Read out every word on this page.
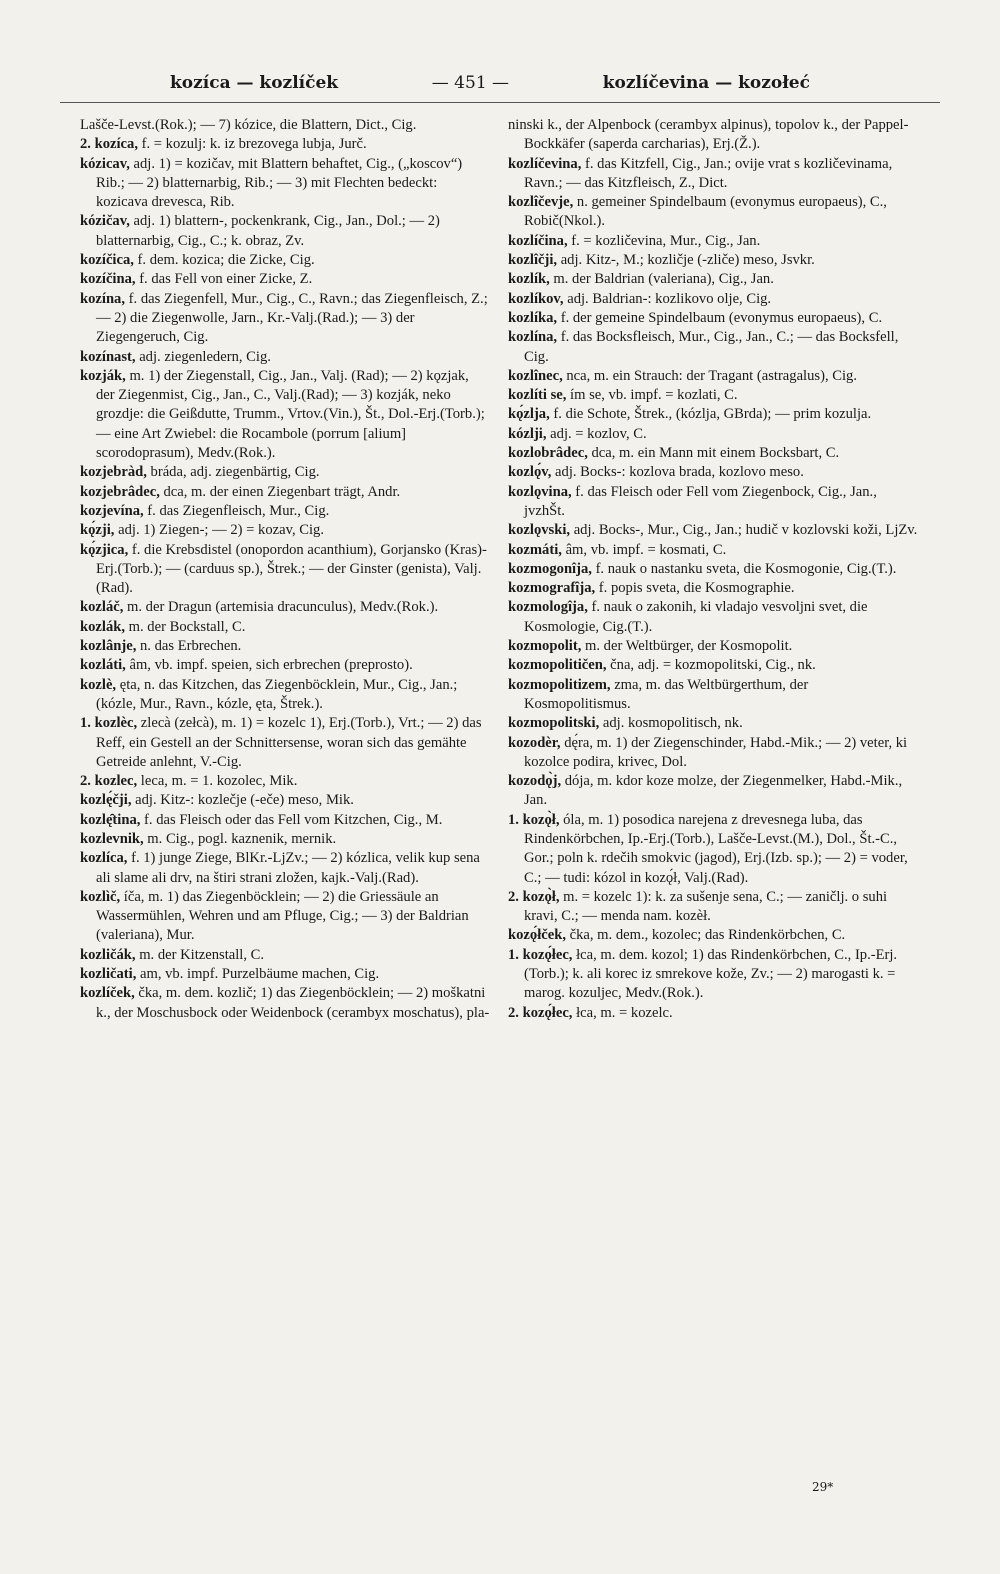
kozíca — kozlíček	— 451 —	kozlíčevina — kozołeć

Lašče-Levst.(Rok.); — 7) kózice, die Blattern, Dict., Cig.

2. kozíca, f. = kozulj: k. iz brezovega lubja, Jurč.

kózicav, adj. 1) = kozičav, mit Blattern behaftet, Cig., („koscov“) Rib.; — 2) blatternarbig, Rib.; — 3) mit Flechten bedeckt: kozicava drevesca, Rib.

kózičav, adj. 1) blattern-, pockenkrank, Cig., Jan., Dol.; — 2) blatternarbig, Cig., C.; k. obraz, Zv.

kozíčica, f. dem. kozica; die Zicke, Cig.

kozíčina, f. das Fell von einer Zicke, Z.

kozína, f. das Ziegenfell, Mur., Cig., C., Ravn.; das Ziegenfleisch, Z.; — 2) die Ziegenwolle, Jarn., Kr.-Valj.(Rad.); — 3) der Ziegengeruch, Cig.

kozínast, adj. ziegenledern, Cig.

kozják, m. 1) der Ziegenstall, Cig., Jan., Valj. (Rad); — 2) kǫzjak, der Ziegenmist, Cig., Jan., C., Valj.(Rad); — 3) kozják, neko grozdje: die Geißdutte, Trumm., Vrtov.(Vin.), Št., Dol.-Erj.(Torb.); — eine Art Zwiebel: die Rocambole (porrum [alium] scorodoprasum), Medv.(Rok.).

kozjebràd, bráda, adj. ziegenbärtig, Cig.

kozjebrâdec, dca, m. der einen Ziegenbart trägt, Andr.

kozjevína, f. das Ziegenfleisch, Mur., Cig.

kǫ́zji, adj. 1) Ziegen-; — 2) = kozav, Cig.

kǫ́zjica, f. die Krebsdistel (onopordon acanthium), Gorjansko (Kras)-Erj.(Torb.); — (carduus sp.), Štrek.; — der Ginster (genista), Valj.(Rad).

kozláč, m. der Dragun (artemisia dracunculus), Medv.(Rok.).

kozlák, m. der Bockstall, C.

kozlânje, n. das Erbrechen.

kozláti, âm, vb. impf. speien, sich erbrechen (preprosto).

kozlè, ęta, n. das Kitzchen, das Ziegenböcklein, Mur., Cig., Jan.; (kózle, Mur., Ravn., kózle, ęta, Štrek.).

1. kozlèc, zlecà (zełcà), m. 1) = kozelc 1), Erj.(Torb.), Vrt.; — 2) das Reff, ein Gestell an der Schnittersense, woran sich das gemähte Getreide anlehnt, V.-Cig.

2. kozlec, leca, m. = 1. kozolec, Mik.

kozlę́čji, adj. Kitz-: kozlečje (-eče) meso, Mik.

kozlę̑tina, f. das Fleisch oder das Fell vom Kitzchen, Cig., M.

kozlevnik, m. Cig., pogl. kaznenik, mernik.

kozlíca, f. 1) junge Ziege, BlKr.-LjZv.; — 2) kózlica, velik kup sena ali slame ali drv, na štiri strani zložen, kajk.-Valj.(Rad).

kozlìč, íča, m. 1) das Ziegenböcklein; — 2) die Griessäule an Wassermühlen, Wehren und am Pfluge, Cig.; — 3) der Baldrian (valeriana), Mur.

kozličák, m. der Kitzenstall, C.

kozličati, am, vb. impf. Purzelbäume machen, Cig.

kozlíček, čka, m. dem. kozlič; 1) das Ziegenböcklein; — 2) moškatni k., der Moschusbock oder Weidenbock (cerambyx moschatus), pla-

ninski k., der Alpenbock (cerambyx alpinus), topolov k., der Pappel-Bockkäfer (saperda carcharias), Erj.(Ž.).

kozlíčevina, f. das Kitzfell, Cig., Jan.; ovije vrat s kozličevinama, Ravn.; — das Kitzfleisch, Z., Dict.

kozlîčevje, n. gemeiner Spindelbaum (evonymus europaeus), C., Robič(Nkol.).

kozlíčina, f. = kozličevina, Mur., Cig., Jan.

kozlîčji, adj. Kitz-, M.; kozličje (-zliče) meso, Jsvkr.

kozlík, m. der Baldrian (valeriana), Cig., Jan.

kozlíkov, adj. Baldrian-: kozlikovo olje, Cig.

kozlíka, f. der gemeine Spindelbaum (evonymus europaeus), C.

kozlína, f. das Bocksfleisch, Mur., Cig., Jan., C.; — das Bocksfell, Cig.

kozlînec, nca, m. ein Strauch: der Tragant (astragalus), Cig.

kozlíti se, ím se, vb. impf. = kozlati, C.

kǫ́zlja, f. die Schote, Štrek., (kózlja, GBrda); — prim kozulja.

kózlji, adj. = kozlov, C.

kozlobrâdec, dca, m. ein Mann mit einem Bocksbart, C.

kozlǫ́v, adj. Bocks-: kozlova brada, kozlovo meso.

kozlǫvina, f. das Fleisch oder Fell vom Ziegenbock, Cig., Jan., jvzhŠt.

kozlǫvski, adj. Bocks-, Mur., Cig., Jan.; hudič v kozlovski koži, LjZv.

kozmáti, âm, vb. impf. = kosmati, C.

kozmogonîja, f. nauk o nastanku sveta, die Kosmogonie, Cig.(T.).

kozmografîja, f. popis sveta, die Kosmographie.

kozmologîja, f. nauk o zakonih, ki vladajo vesvoljni svet, die Kosmologie, Cig.(T.).

kozmopolit, m. der Weltbürger, der Kosmopolit.

kozmopolitičen, čna, adj. = kozmopolitski, Cig., nk.

kozmopolitizem, zma, m. das Weltbürgerthum, der Kosmopolitismus.

kozmopolitski, adj. kosmopolitisch, nk.

kozodèr, dę́ra, m. 1) der Ziegenschinder, Habd.-Mik.; — 2) veter, ki kozolce podira, krivec, Dol.

kozodǫ̀j, dója, m. kdor koze molze, der Ziegenmelker, Habd.-Mik., Jan.

1. kozǫ̀ł, óla, m. 1) posodica narejena z drevesnega luba, das Rindenkörbchen, Ip.-Erj.(Torb.), Lašče-Levst.(M.), Dol., Št.-C., Gor.; poln k. rdečih smokvic (jagod), Erj.(Izb. sp.); — 2) = voder, C.; — tudi: kózol in kozǫ́ł, Valj.(Rad).

2. kozǫ̀ł, m. = kozelc 1): k. za sušenje sena, C.; — zaničlj. o suhi kravi, C.; — menda nam. kozèł.

kozǫ́łček, čka, m. dem., kozolec; das Rindenkörbchen, C.

1. kozǫ́łec, łca, m. dem. kozol; 1) das Rindenkörbchen, C., Ip.-Erj.(Torb.); k. ali korec iz smrekove kože, Zv.; — 2) marogasti k. = marog. kozuljec, Medv.(Rok.).

2. kozǫ́łec, łca, m. = kozelc.

29*
